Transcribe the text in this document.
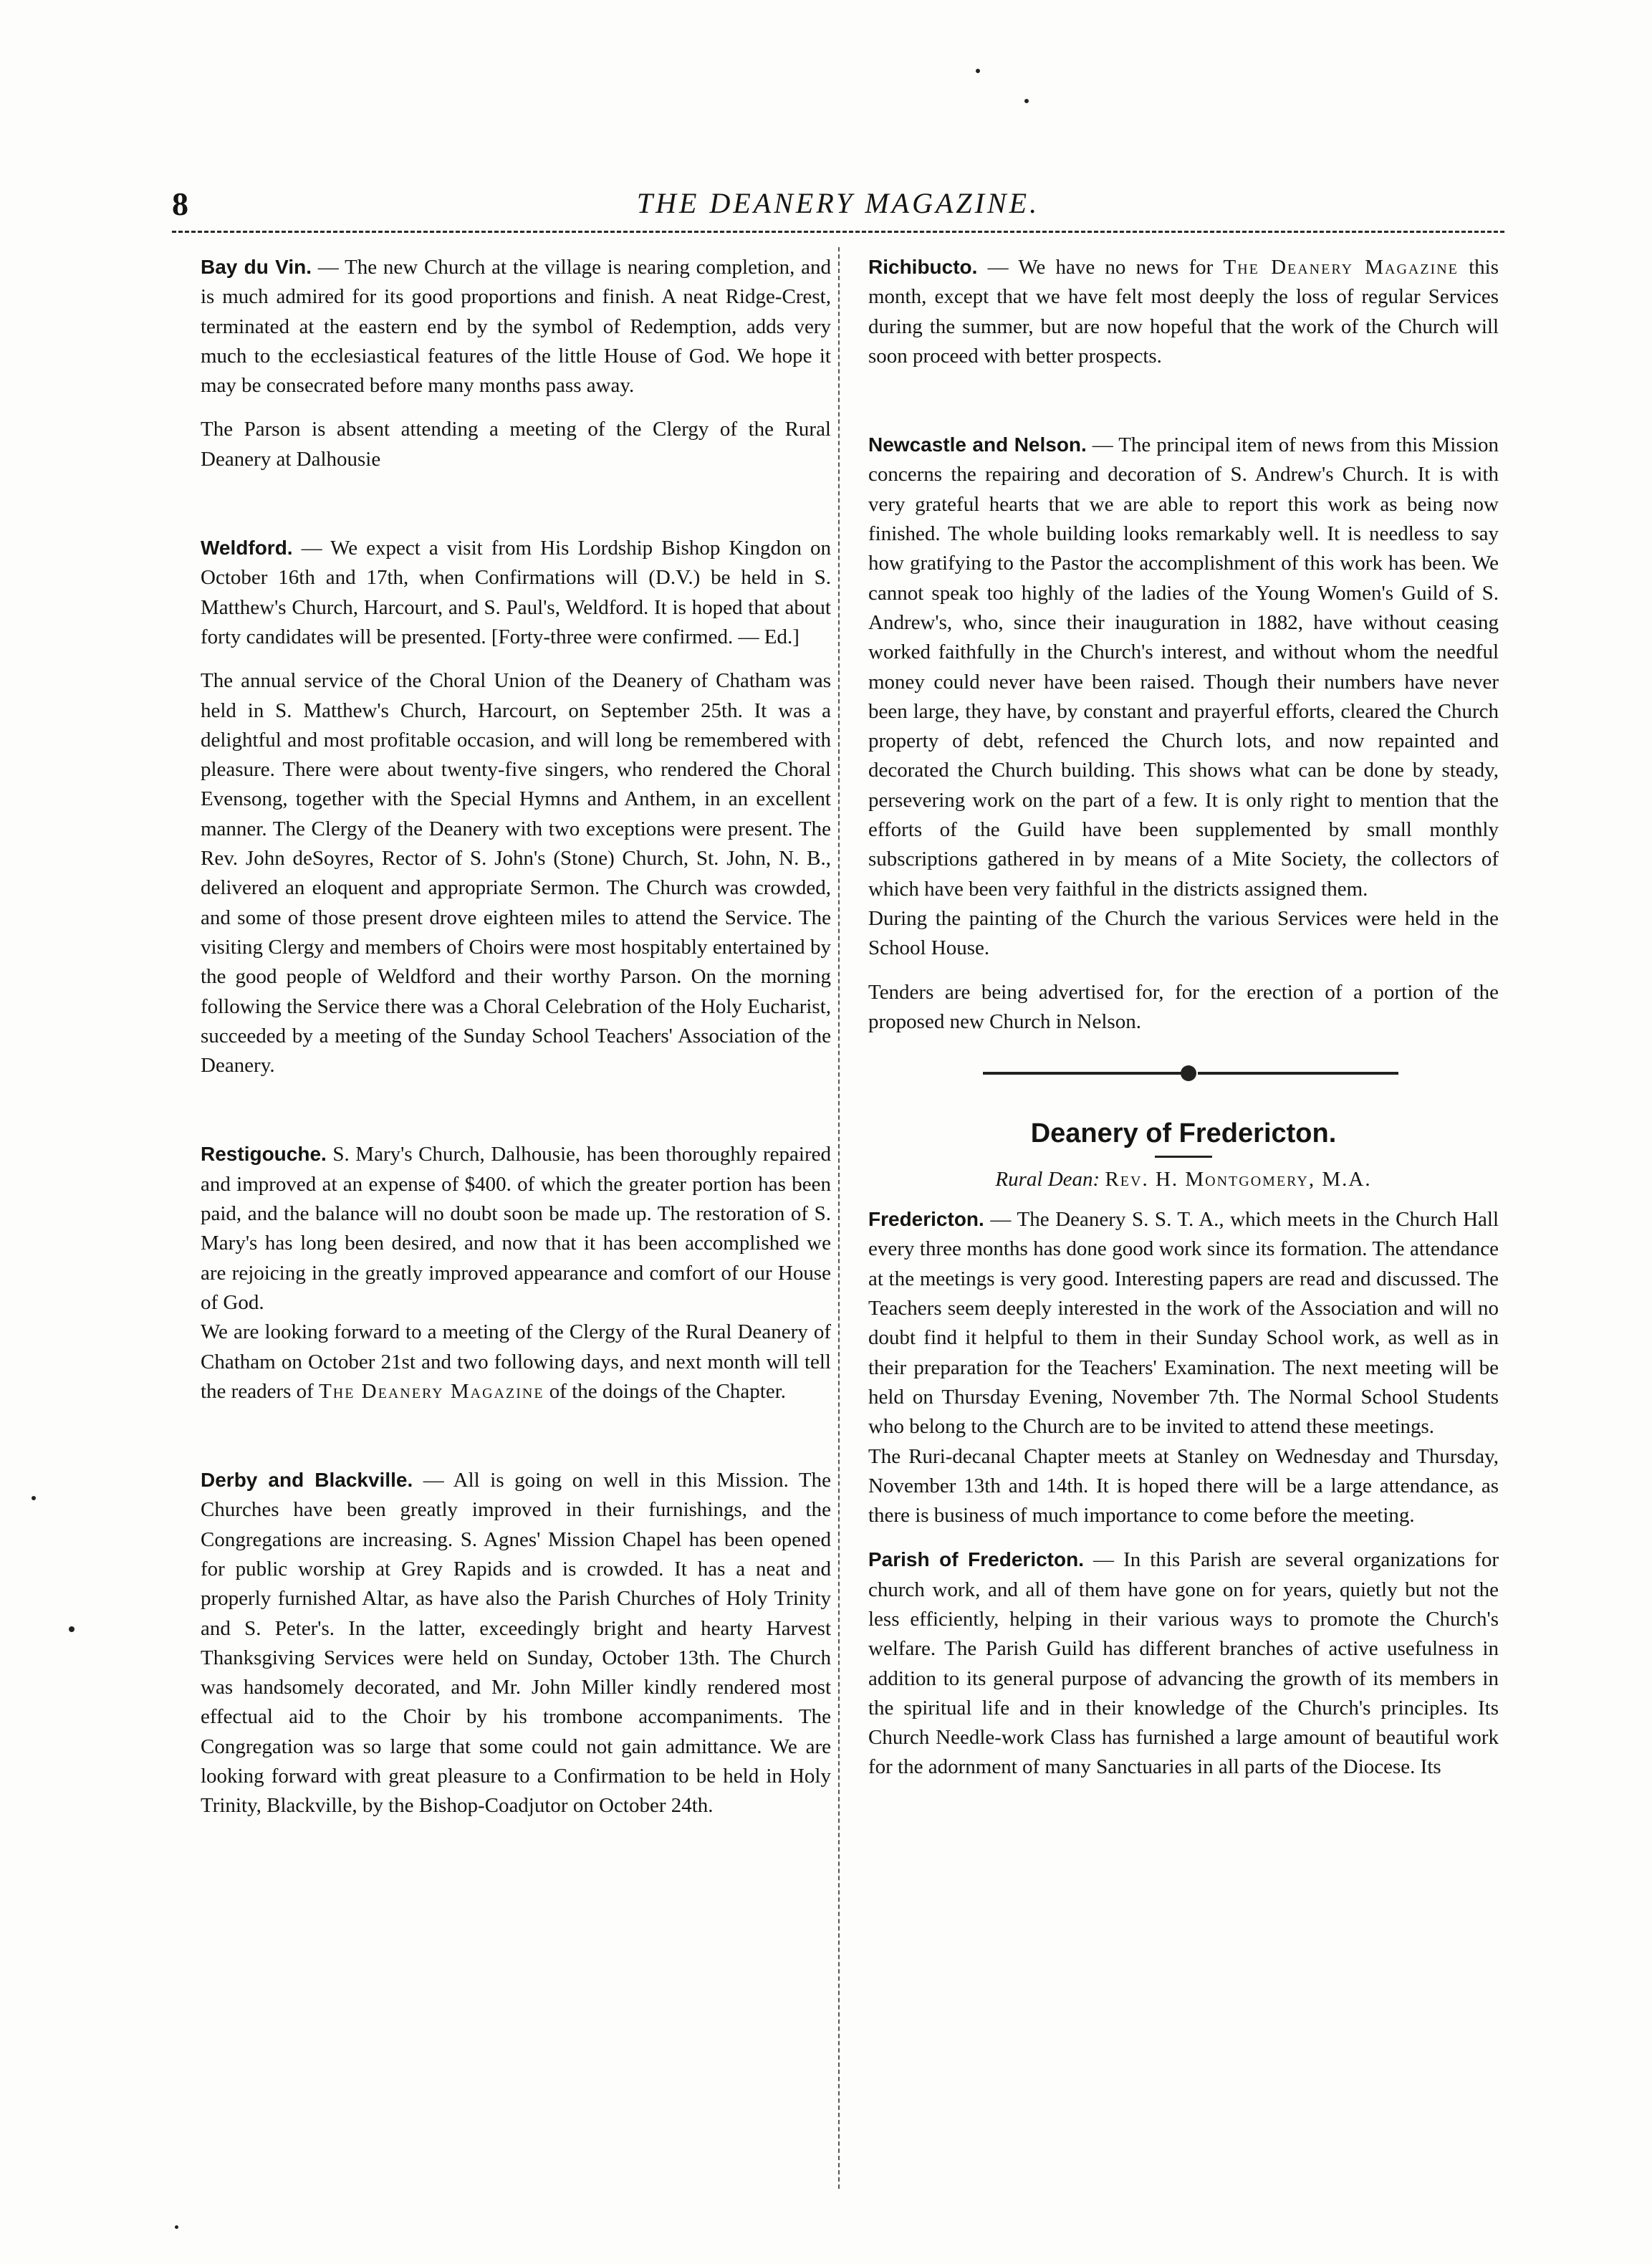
8	THE DEANERY MAGAZINE.

Bay du Vin. — The new Church at the village is nearing completion, and is much admired for its good proportions and finish. A neat Ridge-Crest, terminated at the eastern end by the symbol of Redemption, adds very much to the ecclesiastical features of the little House of God. We hope it may be consecrated before many months pass away.

The Parson is absent attending a meeting of the Clergy of the Rural Deanery at Dalhousie

Weldford. — We expect a visit from His Lordship Bishop Kingdon on October 16th and 17th, when Confirmations will (D.V.) be held in S. Matthew's Church, Harcourt, and S. Paul's, Weldford. It is hoped that about forty candidates will be presented. [Forty-three were confirmed. — Ed.]

The annual service of the Choral Union of the Deanery of Chatham was held in S. Matthew's Church, Harcourt, on September 25th. It was a delightful and most profitable occasion, and will long be remembered with pleasure. There were about twenty-five singers, who rendered the Choral Evensong, together with the Special Hymns and Anthem, in an excellent manner. The Clergy of the Deanery with two exceptions were present. The Rev. John deSoyres, Rector of S. John's (Stone) Church, St. John, N. B., delivered an eloquent and appropriate Sermon. The Church was crowded, and some of those present drove eighteen miles to attend the Service. The visiting Clergy and members of Choirs were most hospitably entertained by the good people of Weldford and their worthy Parson. On the morning following the Service there was a Choral Celebration of the Holy Eucharist, succeeded by a meeting of the Sunday School Teachers' Association of the Deanery.

Restigouche. S. Mary's Church, Dalhousie, has been thoroughly repaired and improved at an expense of $400. of which the greater portion has been paid, and the balance will no doubt soon be made up. The restoration of S. Mary's has long been desired, and now that it has been accomplished we are rejoicing in the greatly improved appearance and comfort of our House of God.

We are looking forward to a meeting of the Clergy of the Rural Deanery of Chatham on October 21st and two following days, and next month will tell the readers of The Deanery Magazine of the doings of the Chapter.

Derby and Blackville. — All is going on well in this Mission. The Churches have been greatly improved in their furnishings, and the Congregations are increasing. S. Agnes' Mission Chapel has been opened for public worship at Grey Rapids and is crowded. It has a neat and properly furnished Altar, as have also the Parish Churches of Holy Trinity and S. Peter's. In the latter, exceedingly bright and hearty Harvest Thanksgiving Services were held on Sunday, October 13th. The Church was handsomely decorated, and Mr. John Miller kindly rendered most effectual aid to the Choir by his trombone accompaniments. The Congregation was so large that some could not gain admittance. We are looking forward with great pleasure to a Confirmation to be held in Holy Trinity, Blackville, by the Bishop-Coadjutor on October 24th.

Richibucto. — We have no news for The Deanery Magazine this month, except that we have felt most deeply the loss of regular Services during the summer, but are now hopeful that the work of the Church will soon proceed with better prospects.

Newcastle and Nelson. — The principal item of news from this Mission concerns the repairing and decoration of S. Andrew's Church. It is with very grateful hearts that we are able to report this work as being now finished. The whole building looks remarkably well. It is needless to say how gratifying to the Pastor the accomplishment of this work has been. We cannot speak too highly of the ladies of the Young Women's Guild of S. Andrew's, who, since their inauguration in 1882, have without ceasing worked faithfully in the Church's interest, and without whom the needful money could never have been raised. Though their numbers have never been large, they have, by constant and prayerful efforts, cleared the Church property of debt, refenced the Church lots, and now repainted and decorated the Church building. This shows what can be done by steady, persevering work on the part of a few. It is only right to mention that the efforts of the Guild have been supplemented by small monthly subscriptions gathered in by means of a Mite Society, the collectors of which have been very faithful in the districts assigned them.

During the painting of the Church the various Services were held in the School House.

Tenders are being advertised for, for the erection of a portion of the proposed new Church in Nelson.

Deanery of Fredericton.
Rural Dean: Rev. H. Montgomery, M.A.

Fredericton. — The Deanery S. S. T. A., which meets in the Church Hall every three months has done good work since its formation. The attendance at the meetings is very good. Interesting papers are read and discussed. The Teachers seem deeply interested in the work of the Association and will no doubt find it helpful to them in their Sunday School work, as well as in their preparation for the Teachers' Examination. The next meeting will be held on Thursday Evening, November 7th. The Normal School Students who belong to the Church are to be invited to attend these meetings.

The Ruri-decanal Chapter meets at Stanley on Wednesday and Thursday, November 13th and 14th. It is hoped there will be a large attendance, as there is business of much importance to come before the meeting.

Parish of Fredericton. — In this Parish are several organizations for church work, and all of them have gone on for years, quietly but not the less efficiently, helping in their various ways to promote the Church's welfare. The Parish Guild has different branches of active usefulness in addition to its general purpose of advancing the growth of its members in the spiritual life and in their knowledge of the Church's principles. Its Church Needle-work Class has furnished a large amount of beautiful work for the adornment of many Sanctuaries in all parts of the Diocese. Its
